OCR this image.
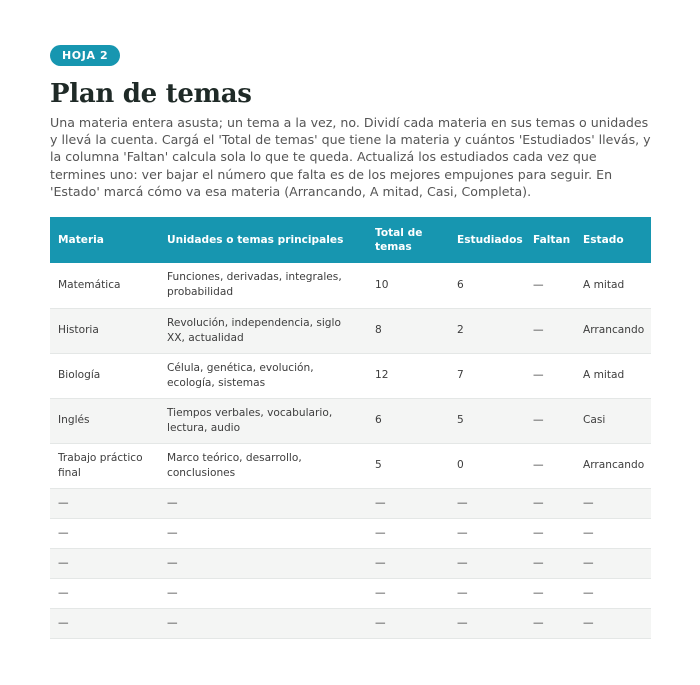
HOJA 2
Plan de temas

Una materia entera asusta; un tema a la vez, no. Dividí cada materia en sus temas o unidades y llevá la cuenta. Cargá el 'Total de temas' que tiene la materia y cuántos 'Estudiados' llevás, y la columna 'Faltan' calcula sola lo que te queda. Actualizá los estudiados cada vez que termines uno: ver bajar el número que falta es de los mejores empujones para seguir. En 'Estado' marcá cómo va esa materia (Arrancando, A mitad, Casi, Completa).

Materia	Unidades o temas principales	Total de temas	Estudiados	Faltan	Estado
Matemática	Funciones, derivadas, integrales, probabilidad	10	6	—	A mitad
Historia	Revolución, independencia, siglo XX, actualidad	8	2	—	Arrancando
Biología	Célula, genética, evolución, ecología, sistemas	12	7	—	A mitad
Inglés	Tiempos verbales, vocabulario, lectura, audio	6	5	—	Casi
Trabajo práctico final	Marco teórico, desarrollo, conclusiones	5	0	—	Arrancando
—	—	—	—	—	—
—	—	—	—	—	—
—	—	—	—	—	—
—	—	—	—	—	—
—	—	—	—	—	—
